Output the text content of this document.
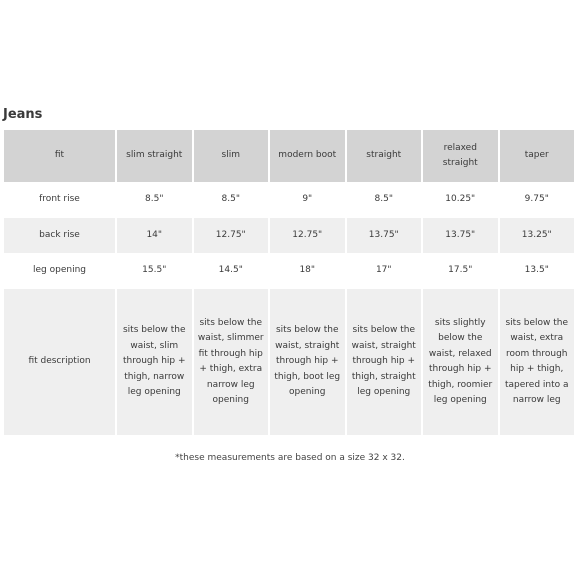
Jeans
fit	slim straight	slim	modern boot	straight	relaxed straight	taper
front rise	8.5"	8.5"	9"	8.5"	10.25"	9.75"
back rise	14"	12.75"	12.75"	13.75"	13.75"	13.25"
leg opening	15.5"	14.5"	18"	17"	17.5"	13.5"
fit description	sits below the waist, slim through hip + thigh, narrow leg opening	sits below the waist, slimmer fit through hip + thigh, extra narrow leg opening	sits below the waist, straight through hip + thigh, boot leg opening	sits below the waist, straight through hip + thigh, straight leg opening	sits slightly below the waist, relaxed through hip + thigh, roomier leg opening	sits below the waist, extra room through hip + thigh, tapered into a narrow leg
*these measurements are based on a size 32 x 32.
